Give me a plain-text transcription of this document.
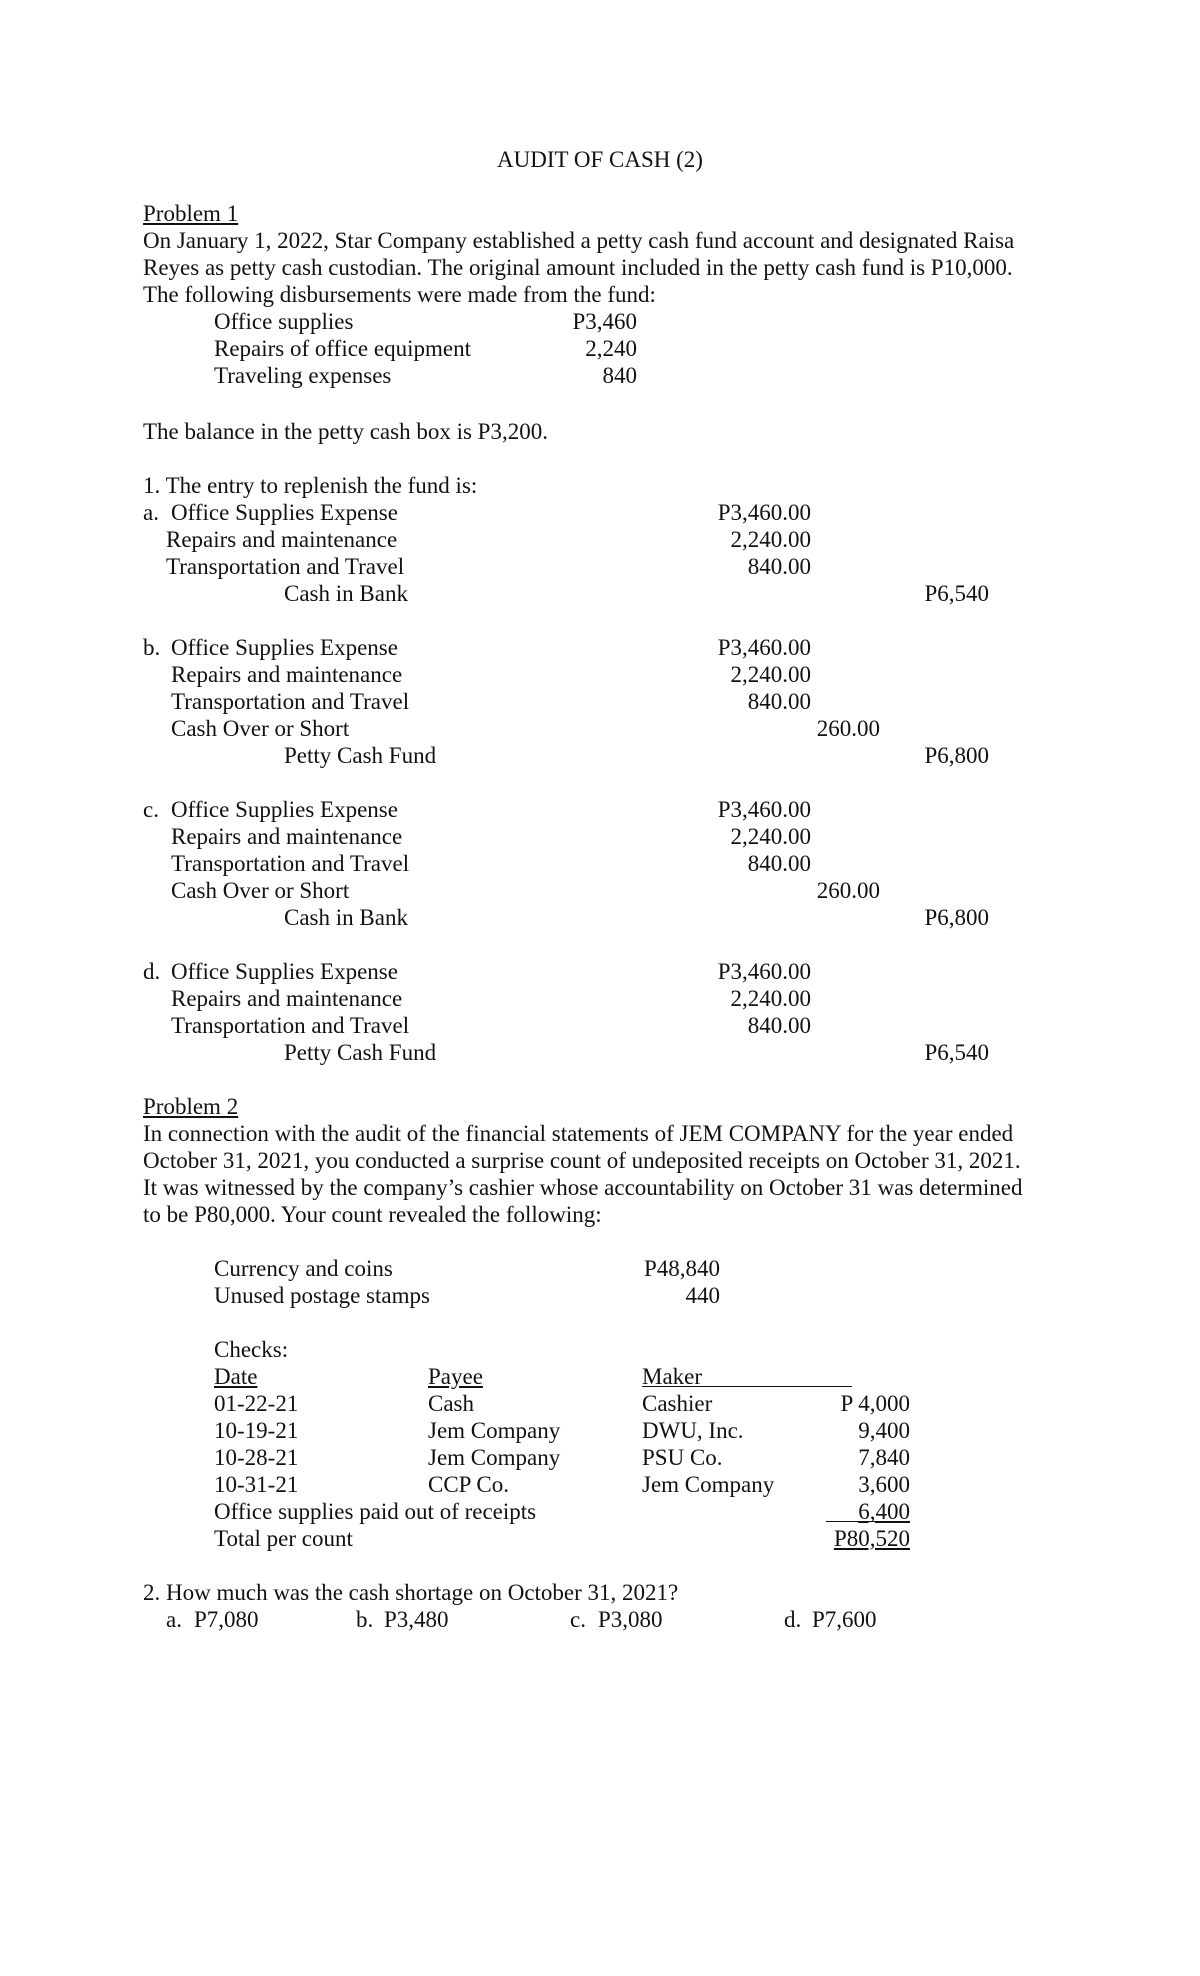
AUDIT OF CASH (2)
Problem 1
On January 1, 2022, Star Company established a petty cash fund account and designated Raisa
Reyes as petty cash custodian. The original amount included in the petty cash fund is P10,000.
The following disbursements were made from the fund:
Office supplies	P3,460
Repairs of office equipment	2,240
Traveling expenses	840
The balance in the petty cash box is P3,200.
1. The entry to replenish the fund is:
a. Office Supplies Expense	P3,460.00
Repairs and maintenance	2,240.00
Transportation and Travel	840.00
Cash in Bank	P6,540
b. Office Supplies Expense	P3,460.00
Repairs and maintenance	2,240.00
Transportation and Travel	840.00
Cash Over or Short	260.00
Petty Cash Fund	P6,800
c. Office Supplies Expense	P3,460.00
Repairs and maintenance	2,240.00
Transportation and Travel	840.00
Cash Over or Short	260.00
Cash in Bank	P6,800
d. Office Supplies Expense	P3,460.00
Repairs and maintenance	2,240.00
Transportation and Travel	840.00
Petty Cash Fund	P6,540
Problem 2
In connection with the audit of the financial statements of JEM COMPANY for the year ended
October 31, 2021, you conducted a surprise count of undeposited receipts on October 31, 2021.
It was witnessed by the company’s cashier whose accountability on October 31 was determined
to be P80,000. Your count revealed the following:
Currency and coins	P48,840
Unused postage stamps	440
Checks:
Date	Payee	Maker
01-22-21	Cash	Cashier	P 4,000
10-19-21	Jem Company	DWU, Inc.	9,400
10-28-21	Jem Company	PSU Co.	7,840
10-31-21	CCP Co.	Jem Company	3,600
Office supplies paid out of receipts	6,400
Total per count	P80,520
2. How much was the cash shortage on October 31, 2021?
a. P7,080	b. P3,480	c. P3,080	d. P7,600
